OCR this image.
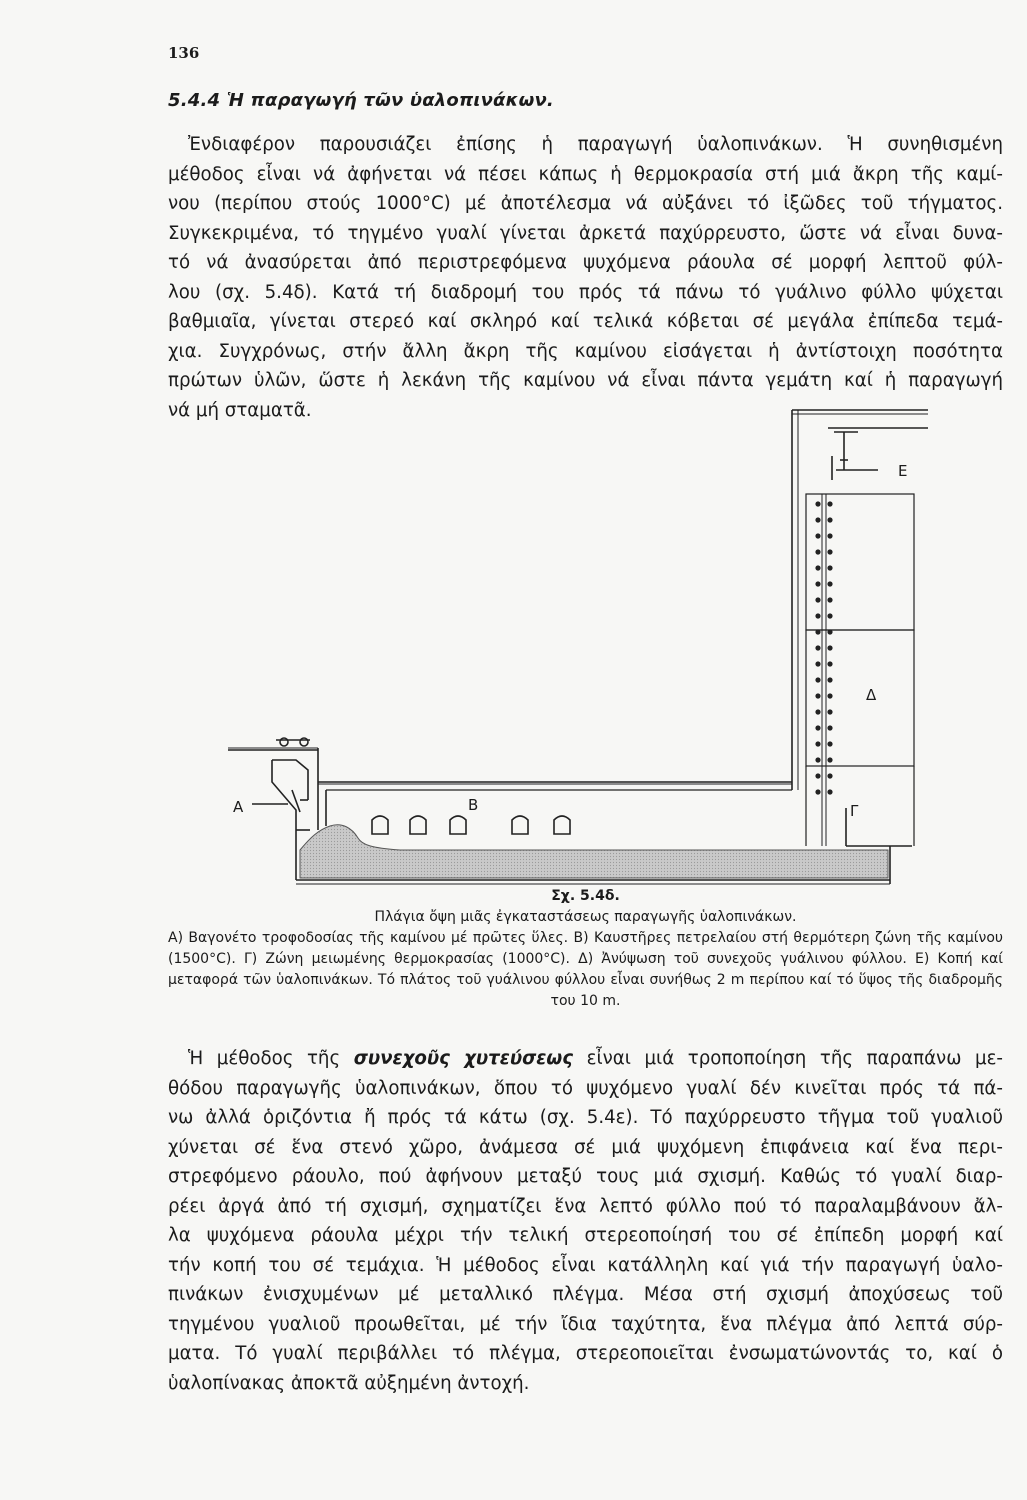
136
5.4.4 Ἡ παραγωγή τῶν ὑαλοπινάκων.
Ἐνδιαφέρον παρουσιάζει ἐπίσης ἡ παραγωγή ὑαλοπινάκων. Ἡ συνηθισμένη
μέθοδος εἶναι νά ἀφήνεται νά πέσει κάπως ἡ θερμοκρασία στή μιά ἄκρη τῆς καμί-
νου (περίπου στούς 1000°C) μέ ἀποτέλεσμα νά αὐξάνει τό ἰξῶδες τοῦ τήγματος.
Συγκεκριμένα, τό τηγμένο γυαλί γίνεται ἀρκετά παχύρρευστο, ὥστε νά εἶναι δυνα-
τό νά ἀνασύρεται ἀπό περιστρεφόμενα ψυχόμενα ράουλα σέ μορφή λεπτοῦ φύλ-
λου (σχ. 5.4δ). Κατά τή διαδρομή του πρός τά πάνω τό γυάλινο φύλλο ψύχεται
βαθμιαῖα, γίνεται στερεό καί σκληρό καί τελικά κόβεται σέ μεγάλα ἐπίπεδα τεμά-
χια. Συγχρόνως, στήν ἄλλη ἄκρη τῆς καμίνου εἰσάγεται ἡ ἀντίστοιχη ποσότητα
πρώτων ὑλῶν, ὥστε ἡ λεκάνη τῆς καμίνου νά εἶναι πάντα γεμάτη καί ἡ παραγωγή
νά μή σταματᾶ.
Α	Β	Γ
Δ
Ε
Σχ. 5.4δ.
Πλάγια ὄψη μιᾶς ἐγκαταστάσεως παραγωγῆς ὑαλοπινάκων.
Α) Βαγονέτο τροφοδοσίας τῆς καμίνου μέ πρῶτες ὕλες. Β) Καυστῆρες πετρελαίου στή θερμότερη ζώνη τῆς καμίνου (1500°C). Γ) Ζώνη μειωμένης θερμοκρασίας (1000°C). Δ) Ἀνύψωση τοῦ συνεχοῦς γυάλινου φύλλου. Ε) Κοπή καί μεταφορά τῶν ὑαλοπινάκων. Τό πλάτος τοῦ γυάλινου φύλλου εἶναι συνήθως 2 m περίπου καί τό ὕψος τῆς διαδρομῆς του 10 m.
Ἡ μέθοδος τῆς συνεχοῦς χυτεύσεως εἶναι μιά τροποποίηση τῆς παραπάνω με-
θόδου παραγωγῆς ὑαλοπινάκων, ὅπου τό ψυχόμενο γυαλί δέν κινεῖται πρός τά πά-
νω ἀλλά ὁριζόντια ἤ πρός τά κάτω (σχ. 5.4ε). Τό παχύρρευστο τῆγμα τοῦ γυαλιοῦ
χύνεται σέ ἕνα στενό χῶρο, ἀνάμεσα σέ μιά ψυχόμενη ἐπιφάνεια καί ἕνα περι-
στρεφόμενο ράουλο, πού ἀφήνουν μεταξύ τους μιά σχισμή. Καθώς τό γυαλί διαρ-
ρέει ἀργά ἀπό τή σχισμή, σχηματίζει ἕνα λεπτό φύλλο πού τό παραλαμβάνουν ἄλ-
λα ψυχόμενα ράουλα μέχρι τήν τελική στερεοποίησή του σέ ἐπίπεδη μορφή καί
τήν κοπή του σέ τεμάχια. Ἡ μέθοδος εἶναι κατάλληλη καί γιά τήν παραγωγή ὑαλο-
πινάκων ἐνισχυμένων μέ μεταλλικό πλέγμα. Μέσα στή σχισμή ἀποχύσεως τοῦ
τηγμένου γυαλιοῦ προωθεῖται, μέ τήν ἴδια ταχύτητα, ἕνα πλέγμα ἀπό λεπτά σύρ-
ματα. Τό γυαλί περιβάλλει τό πλέγμα, στερεοποιεῖται ἐνσωματώνοντάς το, καί ὁ
ὑαλοπίνακας ἀποκτᾶ αὐξημένη ἀντοχή.
